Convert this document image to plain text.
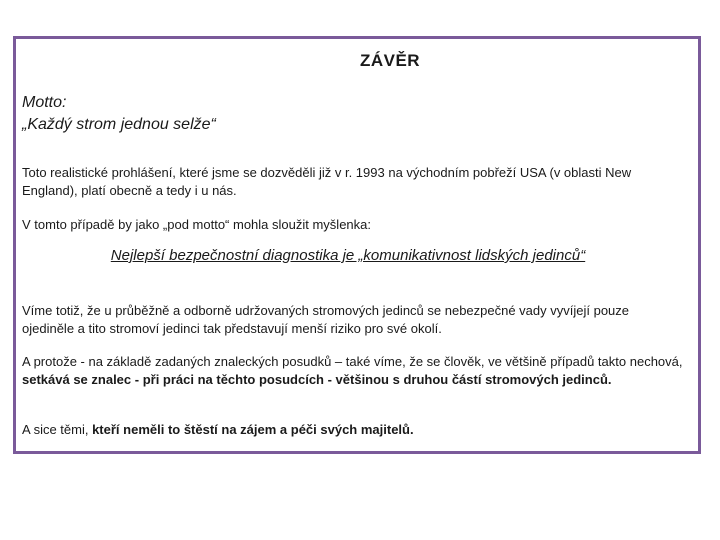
ZÁVĚR
Motto:
„Každý strom jednou selže“
Toto realistické prohlášení, které jsme se dozvěděli již v r. 1993 na východním pobřeží USA (v oblasti New England), platí obecně a tedy i u nás.
V tomto případě by jako „pod motto“ mohla sloužit myšlenka:
Nejlepší bezpečnostní diagnostika je „komunikativnost lidských jedinců“
Víme totiž, že u průběžně a odborně udržovaných stromových jedinců se nebezpečné vady vyvíjejí pouze ojediněle a tito stromoví jedinci tak představují menší riziko pro své okolí.
A protože - na základě zadaných znaleckých posudků – také víme, že se člověk, ve většině případů takto nechová, setkává se znalec - při práci na těchto posudcích - většinou s druhou částí stromových jedinců.
A sice těmi, kteří neměli to štěstí na zájem a péči svých majitelů.
